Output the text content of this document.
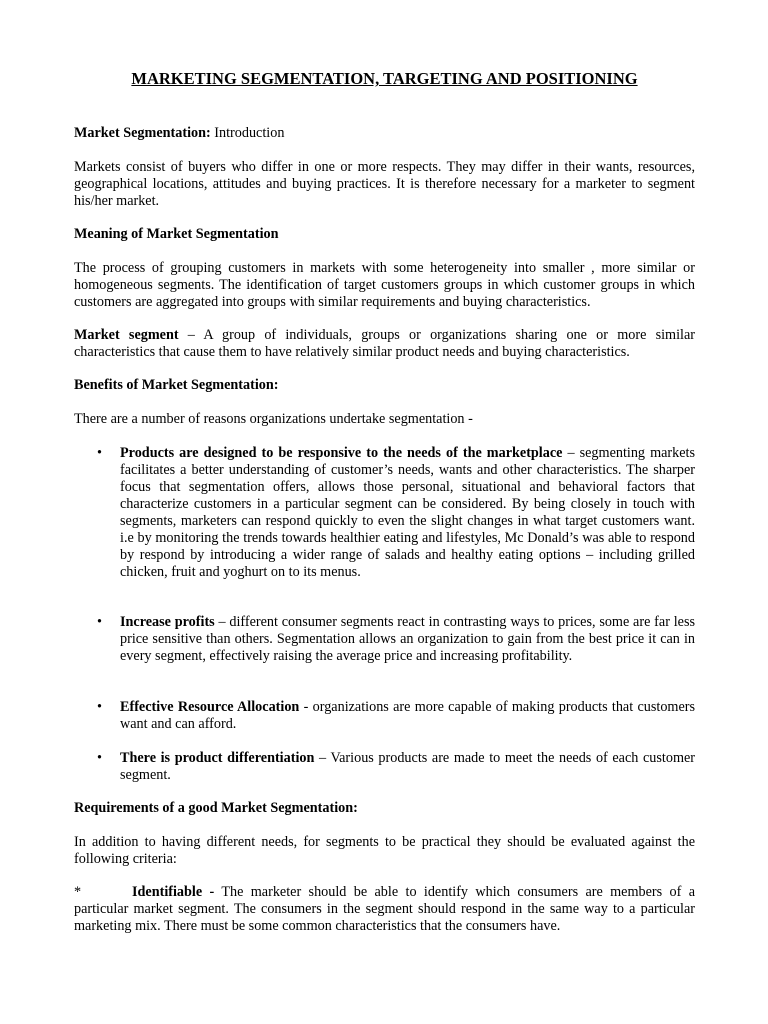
MARKETING SEGMENTATION, TARGETING AND POSITIONING

Market Segmentation: Introduction

Markets consist of buyers who differ in one or more respects. They may differ in their wants, resources, geographical locations, attitudes and buying practices. It is therefore necessary for a marketer to segment his/her market.

Meaning of Market Segmentation

The process of grouping customers in markets with some heterogeneity into smaller , more similar or homogeneous segments. The identification of target customers groups in which customer groups in which customers are aggregated into groups with similar requirements and buying characteristics.

Market segment – A group of individuals, groups or organizations sharing one or more similar characteristics that cause them to have relatively similar product needs and buying characteristics.

Benefits of Market Segmentation:

There are a number of reasons organizations undertake segmentation -

• Products are designed to be responsive to the needs of the marketplace – segmenting markets facilitates a better understanding of customer’s needs, wants and other characteristics. The sharper focus that segmentation offers, allows those personal, situational and behavioral factors that characterize customers in a particular segment can be considered. By being closely in touch with segments, marketers can respond quickly to even the slight changes in what target customers want. i.e by monitoring the trends towards healthier eating and lifestyles, Mc Donald’s was able to respond by respond by introducing a wider range of salads and healthy eating options – including grilled chicken, fruit and yoghurt on to its menus.
• Increase profits – different consumer segments react in contrasting ways to prices, some are far less price sensitive than others. Segmentation allows an organization to gain from the best price it can in every segment, effectively raising the average price and increasing profitability.
• Effective Resource Allocation - organizations are more capable of making products that customers want and can afford.
• There is product differentiation – Various products are made to meet the needs of each customer segment.

Requirements of a good Market Segmentation:

In addition to having different needs, for segments to be practical they should be evaluated against the following criteria:

*	Identifiable - The marketer should be able to identify which consumers are members of a particular market segment. The consumers in the segment should respond in the same way to a particular marketing mix. There must be some common characteristics that the consumers have.
